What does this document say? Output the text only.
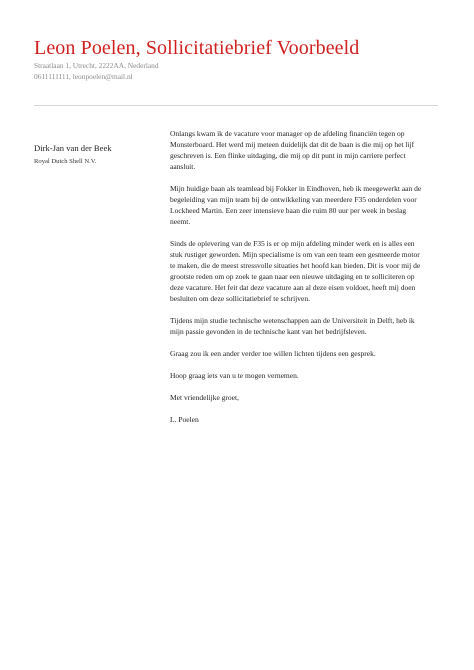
Leon Poelen, Sollicitatiebrief Voorbeeld
Straatlaan 1, Utrecht, 2222AA, Nederland
0611111111, leonpoelen@mail.nl
Dirk-Jan van der Beek
Royal Dutch Shell N.V.
Onlangs kwam ik de vacature voor manager op de afdeling financiën tegen op
Monsterboard. Het werd mij meteen duidelijk dat dit de baan is die mij op het lijf
geschreven is. Een flinke uitdaging, die mij op dit punt in mijn carriere perfect
aansluit.
Mijn huidige baan als teamlead bij Fokker in Eindhoven, heb ik meegewerkt aan de
begeleiding van mijn team bij de ontwikkeling van meerdere F35 onderdelen voor
Lockheed Martin. Een zeer intensieve baan die ruim 80 uur per week in beslag
neemt.
Sinds de oplevering van de F35 is er op mijn afdeling minder werk en is alles een
stuk rustiger geworden. Mijn specialisme is om van een team een gesmeerde motor
te maken, die de meest stressvolle situaties het hoofd kan bieden. Dit is voor mij de
grootste reden om op zoek te gaan naar een nieuwe uitdaging en te solliciteren op
deze vacature. Het feit dat deze vacature aan al deze eisen voldoet, heeft mij doen
besluiten om deze sollicitatiebrief te schrijven.
Tijdens mijn studie technische wetenschappen aan de Universiteit in Delft, heb ik
mijn passie gevonden in de technische kant van het bedrijfsleven.
Graag zou ik een ander verder toe willen lichten tijdens een gesprek.
Hoop graag iets van u te mogen vernemen.
Met vriendelijke groet,
L. Poelen
